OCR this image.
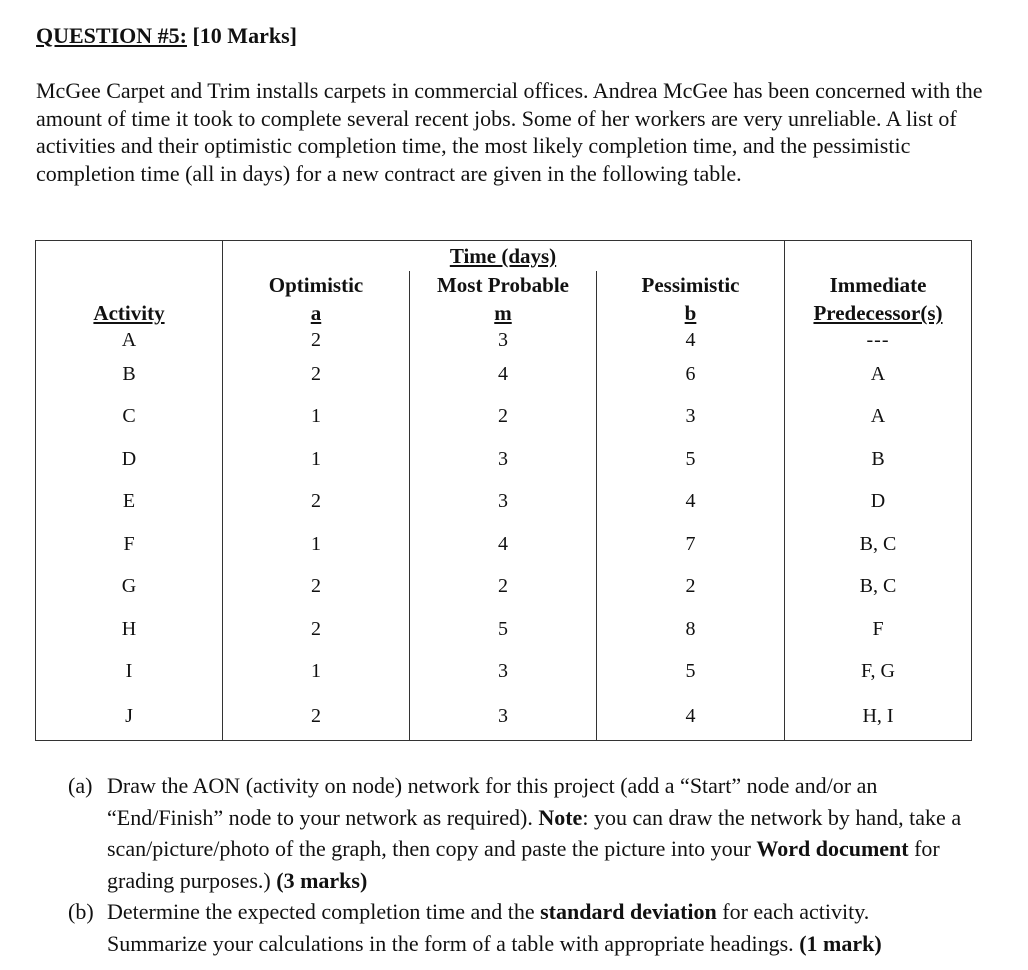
QUESTION #5: [10 Marks]

McGee Carpet and Trim installs carpets in commercial offices. Andrea McGee has been concerned with the amount of time it took to complete several recent jobs. Some of her workers are very unreliable. A list of activities and their optimistic completion time, the most likely completion time, and the pessimistic completion time (all in days) for a new contract are given in the following table.

		Time (days)		
	Optimistic	Most Probable	Pessimistic	Immediate
Activity	a	m	b	Predecessor(s)
A	2	3	4	---
B	2	4	6	A
C	1	2	3	A
D	1	3	5	B
E	2	3	4	D
F	1	4	7	B, C
G	2	2	2	B, C
H	2	5	8	F
I	1	3	5	F, G
J	2	3	4	H, I
(a) Draw the AON (activity on node) network for this project (add a “Start” node and/or an “End/Finish” node to your network as required). Note: you can draw the network by hand, take a scan/picture/photo of the graph, then copy and paste the picture into your Word document for grading purposes.) (3 marks)
(b) Determine the expected completion time and the standard deviation for each activity. Summarize your calculations in the form of a table with appropriate headings. (1 mark)
